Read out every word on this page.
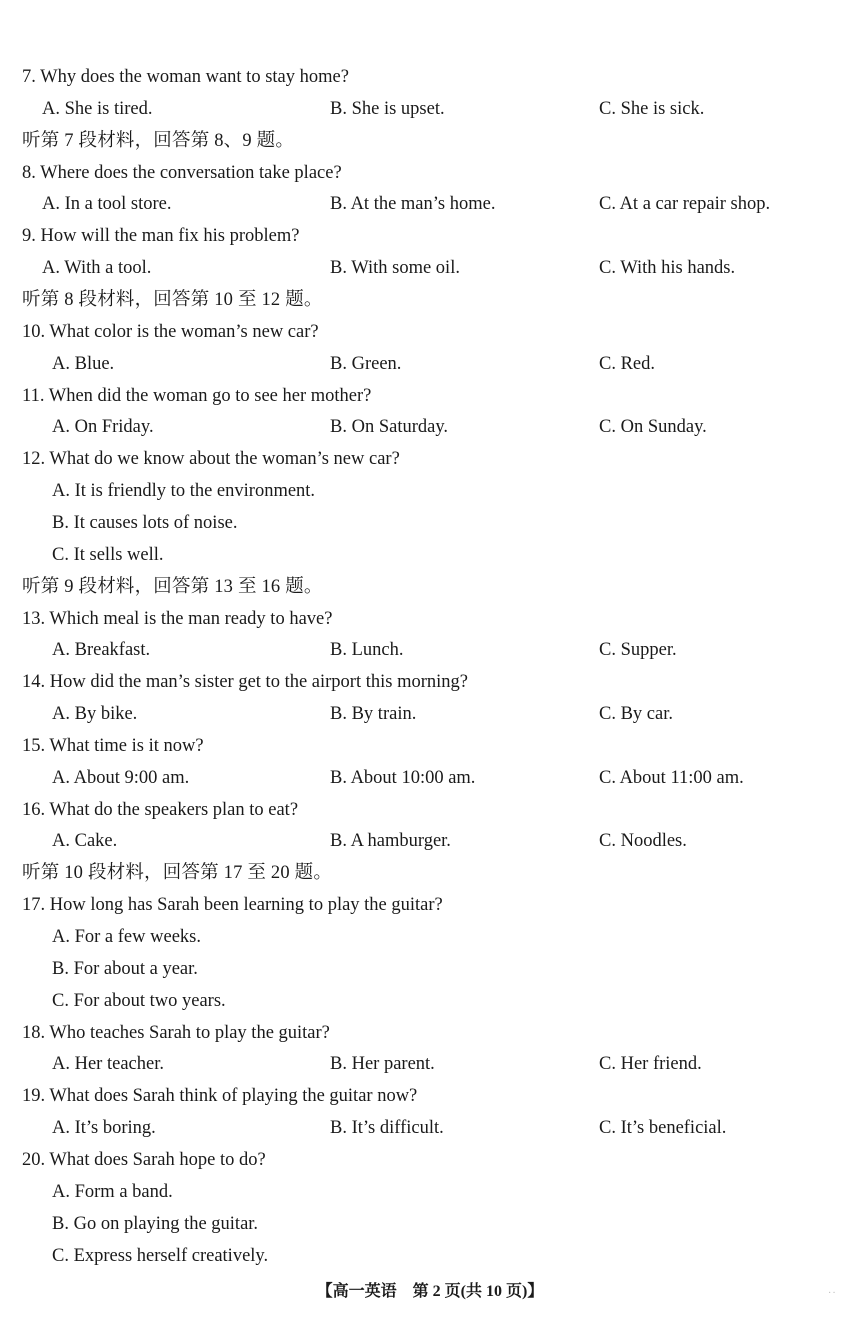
7. Why does the woman want to stay home?
A. She is tired.	B. She is upset.	C. She is sick.
听第 7 段材料，回答第 8、9 题。
8. Where does the conversation take place?
A. In a tool store.	B. At the man’s home.	C. At a car repair shop.
9. How will the man fix his problem?
A. With a tool.	B. With some oil.	C. With his hands.
听第 8 段材料，回答第 10 至 12 题。
10. What color is the woman’s new car?
A. Blue.	B. Green.	C. Red.
11. When did the woman go to see her mother?
A. On Friday.	B. On Saturday.	C. On Sunday.
12. What do we know about the woman’s new car?
A. It is friendly to the environment.
B. It causes lots of noise.
C. It sells well.
听第 9 段材料，回答第 13 至 16 题。
13. Which meal is the man ready to have?
A. Breakfast.	B. Lunch.	C. Supper.
14. How did the man’s sister get to the airport this morning?
A. By bike.	B. By train.	C. By car.
15. What time is it now?
A. About 9:00 am.	B. About 10:00 am.	C. About 11:00 am.
16. What do the speakers plan to eat?
A. Cake.	B. A hamburger.	C. Noodles.
听第 10 段材料，回答第 17 至 20 题。
17. How long has Sarah been learning to play the guitar?
A. For a few weeks.
B. For about a year.
C. For about two years.
18. Who teaches Sarah to play the guitar?
A. Her teacher.	B. Her parent.	C. Her friend.
19. What does Sarah think of playing the guitar now?
A. It’s boring.	B. It’s difficult.	C. It’s beneficial.
20. What does Sarah hope to do?
A. Form a band.
B. Go on playing the guitar.
C. Express herself creatively.
【高一英语　第 2 页(共 10 页)】	··
